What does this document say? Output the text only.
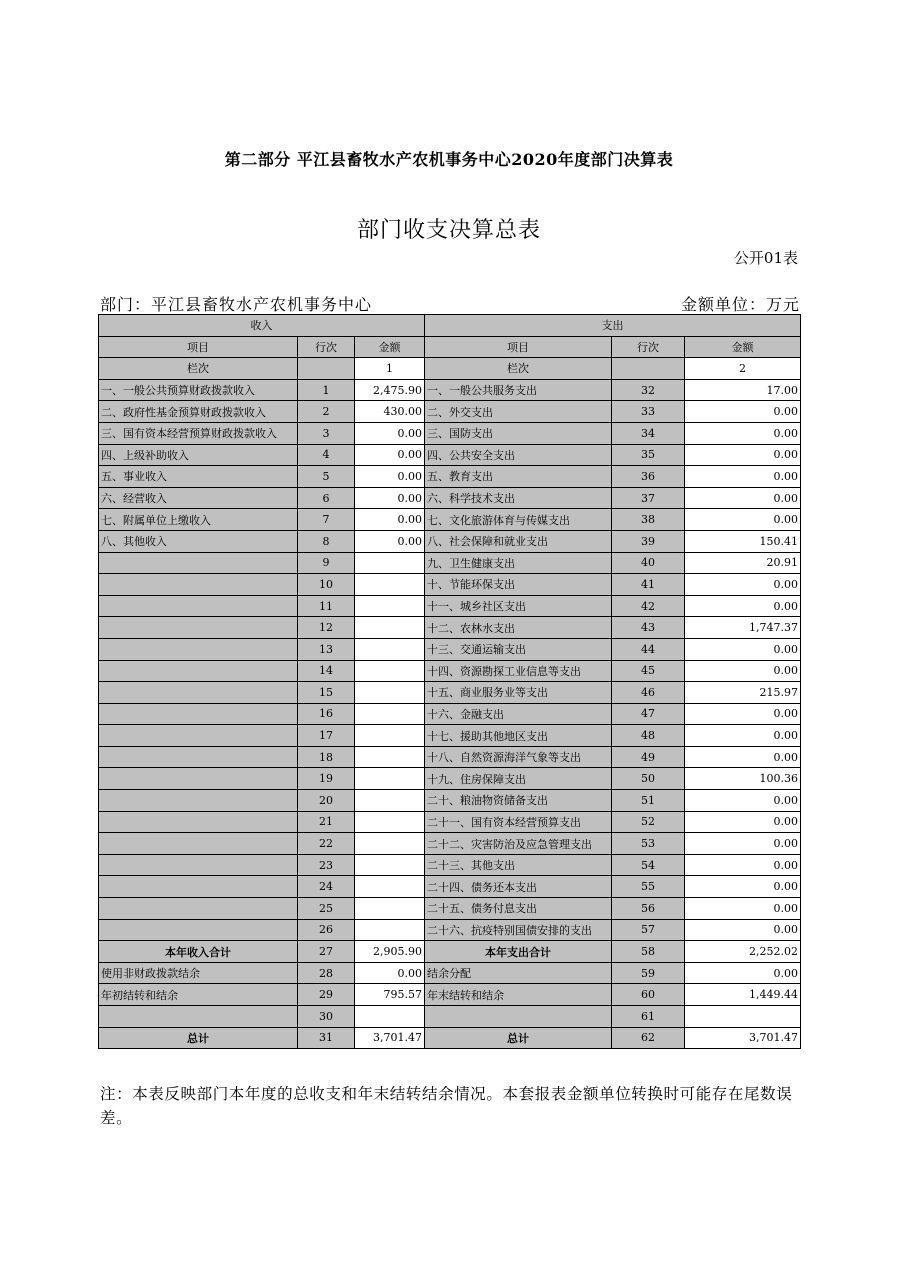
第二部分 平江县畜牧水产农机事务中心2020年度部门决算表
部门收支决算总表
公开01表
部门：平江县畜牧水产农机事务中心	金额单位：万元
收入			支出		
项目	行次	金额	项目	行次	金额
栏次		1	栏次		2
一、一般公共预算财政拨款收入	1	2,475.90	一、一般公共服务支出	32	17.00
二、政府性基金预算财政拨款收入	2	430.00	二、外交支出	33	0.00
三、国有资本经营预算财政拨款收入	3	0.00	三、国防支出	34	0.00
四、上级补助收入	4	0.00	四、公共安全支出	35	0.00
五、事业收入	5	0.00	五、教育支出	36	0.00
六、经营收入	6	0.00	六、科学技术支出	37	0.00
七、附属单位上缴收入	7	0.00	七、文化旅游体育与传媒支出	38	0.00
八、其他收入	8	0.00	八、社会保障和就业支出	39	150.41
	9		九、卫生健康支出	40	20.91
	10		十、节能环保支出	41	0.00
	11		十一、城乡社区支出	42	0.00
	12		十二、农林水支出	43	1,747.37
	13		十三、交通运输支出	44	0.00
	14		十四、资源勘探工业信息等支出	45	0.00
	15		十五、商业服务业等支出	46	215.97
	16		十六、金融支出	47	0.00
	17		十七、援助其他地区支出	48	0.00
	18		十八、自然资源海洋气象等支出	49	0.00
	19		十九、住房保障支出	50	100.36
	20		二十、粮油物资储备支出	51	0.00
	21		二十一、国有资本经营预算支出	52	0.00
	22		二十二、灾害防治及应急管理支出	53	0.00
	23		二十三、其他支出	54	0.00
	24		二十四、债务还本支出	55	0.00
	25		二十五、债务付息支出	56	0.00
	26		二十六、抗疫特别国债安排的支出	57	0.00
本年收入合计	27	2,905.90	本年支出合计	58	2,252.02
使用非财政拨款结余	28	0.00	结余分配	59	0.00
年初结转和结余	29	795.57	年末结转和结余	60	1,449.44
	30			61	
总计	31	3,701.47	总计	62	3,701.47
注：本表反映部门本年度的总收支和年末结转结余情况。本套报表金额单位转换时可能存在尾数误差。
